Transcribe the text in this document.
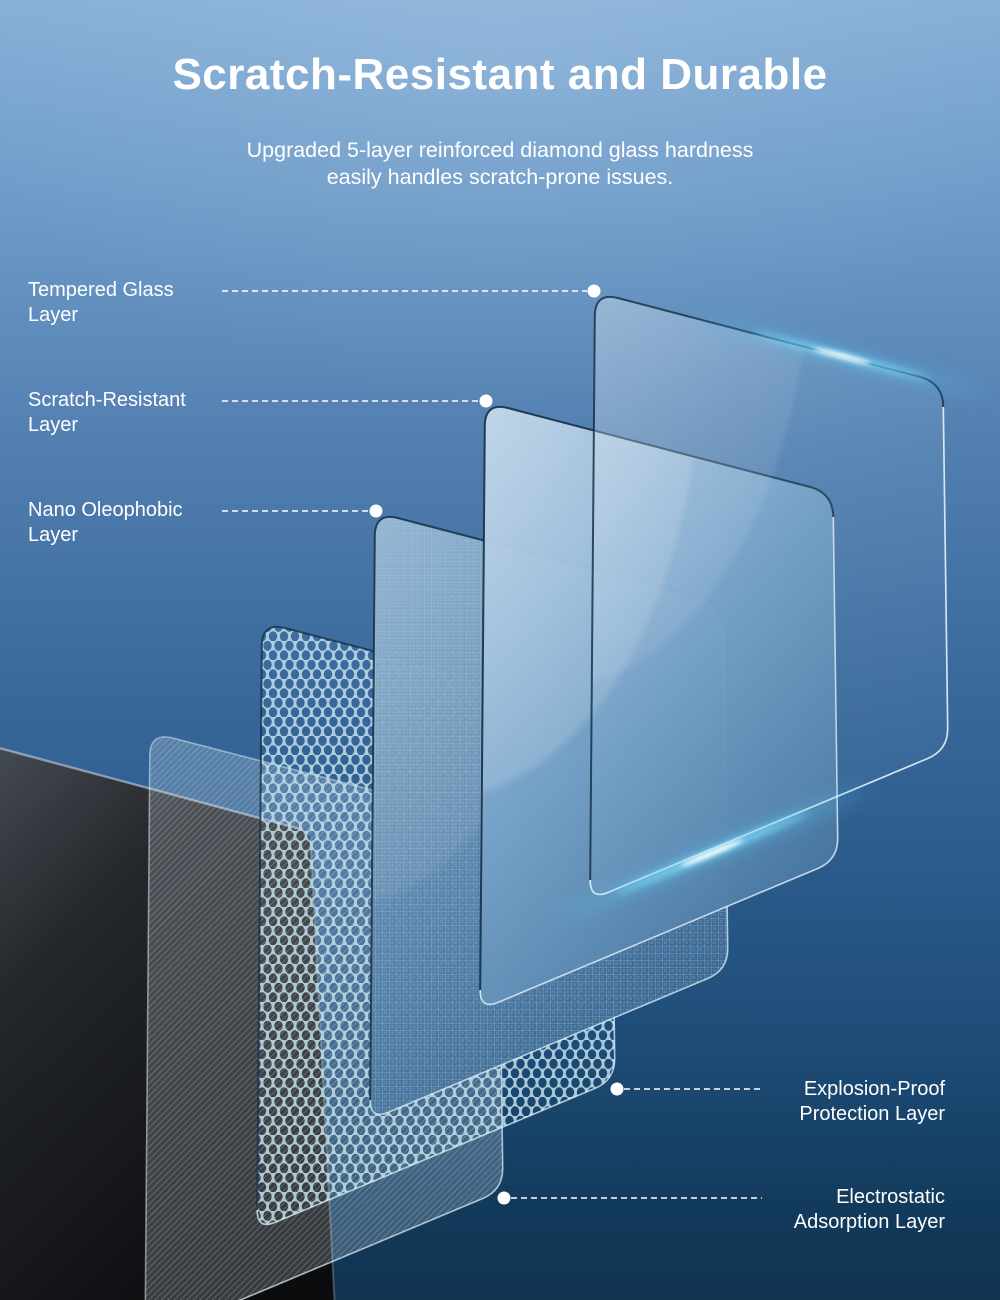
Scratch-Resistant and Durable
Upgraded 5-layer reinforced diamond glass hardness
easily handles scratch-prone issues.
Tempered Glass
Layer
Scratch-Resistant
Layer
Nano Oleophobic
Layer
Explosion-Proof
Protection Layer
Electrostatic
Adsorption Layer
